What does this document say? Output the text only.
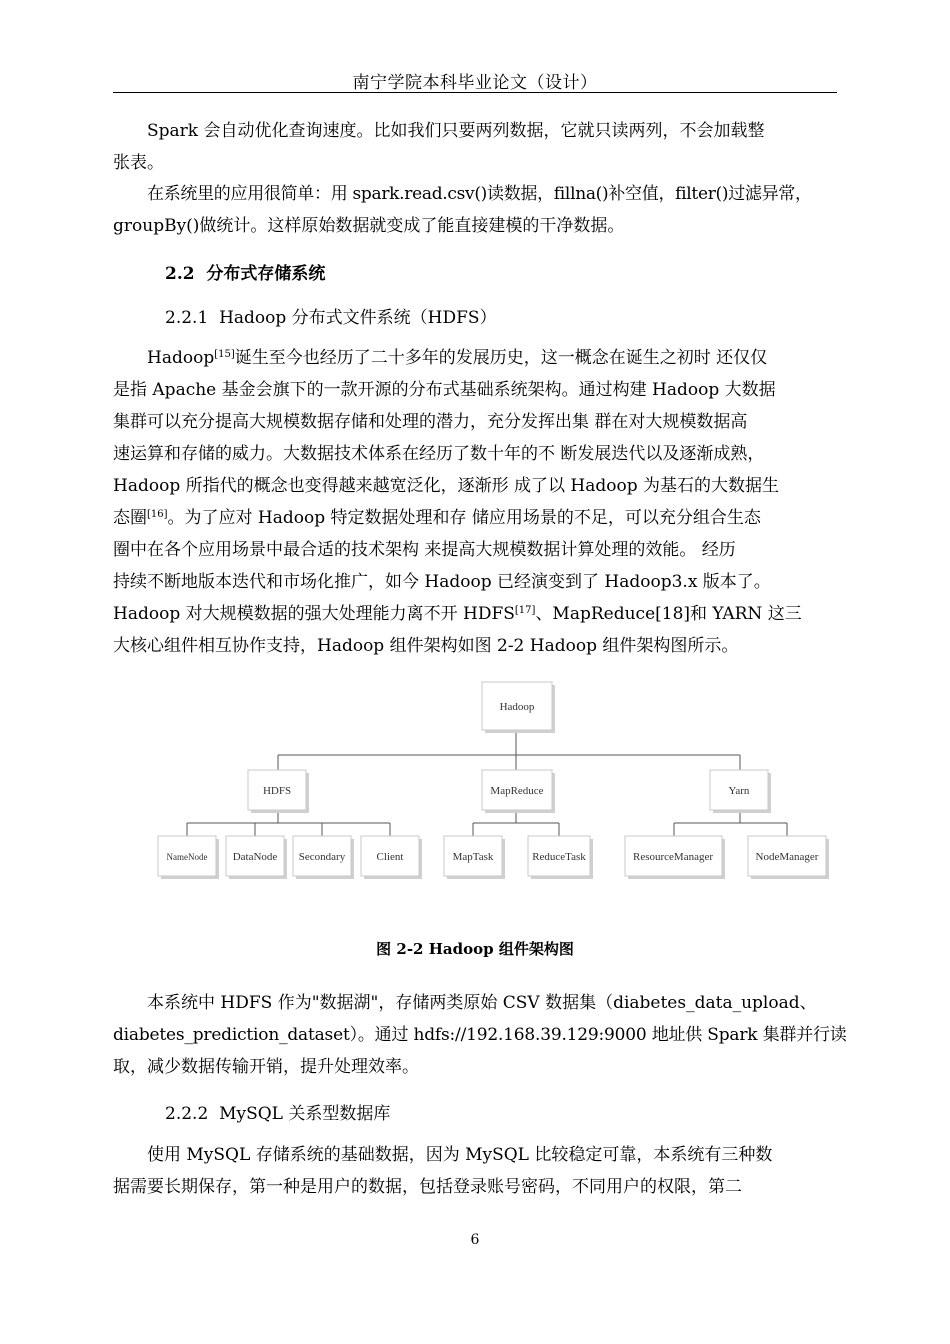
南宁学院本科毕业论文（设计）
Spark 会自动优化查询速度。比如我们只要两列数据，它就只读两列，不会加载整
张表。
在系统里的应用很简单：用 spark.read.csv()读数据，fillna()补空值，filter()过滤异常，
groupBy()做统计。这样原始数据就变成了能直接建模的干净数据。
2.2 分布式存储系统
2.2.1 Hadoop 分布式文件系统（HDFS）
Hadoop[15]诞生至今也经历了二十多年的发展历史，这一概念在诞生之初时 还仅仅
是指 Apache 基金会旗下的一款开源的分布式基础系统架构。通过构建 Hadoop 大数据
集群可以充分提高大规模数据存储和处理的潜力，充分发挥出集 群在对大规模数据高
速运算和存储的威力。大数据技术体系在经历了数十年的不 断发展迭代以及逐渐成熟，
Hadoop 所指代的概念也变得越来越宽泛化，逐渐形 成了以 Hadoop 为基石的大数据生
态圈[16]。为了应对 Hadoop 特定数据处理和存 储应用场景的不足，可以充分组合生态
圈中在各个应用场景中最合适的技术架构 来提高大规模数据计算处理的效能。 经历
持续不断地版本迭代和市场化推广，如今 Hadoop 已经演变到了 Hadoop3.x 版本了。
Hadoop 对大规模数据的强大处理能力离不开 HDFS[17]、MapReduce[18]和 YARN 这三
大核心组件相互协作支持，Hadoop 组件架构如图 2-2 Hadoop 组件架构图所示。
Hadoop
HDFS	MapReduce	Yarn
NameNode DataNode Secondary	Client	MapTask	ReduceTask	ResourceManager	NodeManager
图 2-2 Hadoop 组件架构图
本系统中 HDFS 作为"数据湖"，存储两类原始 CSV 数据集（diabetes_data_upload、
diabetes_prediction_dataset）。通过 hdfs://192.168.39.129:9000 地址供 Spark 集群并行读
取，减少数据传输开销，提升处理效率。
2.2.2 MySQL 关系型数据库
使用 MySQL 存储系统的基础数据，因为 MySQL 比较稳定可靠，本系统有三种数
据需要长期保存，第一种是用户的数据，包括登录账号密码，不同用户的权限，第二
6
